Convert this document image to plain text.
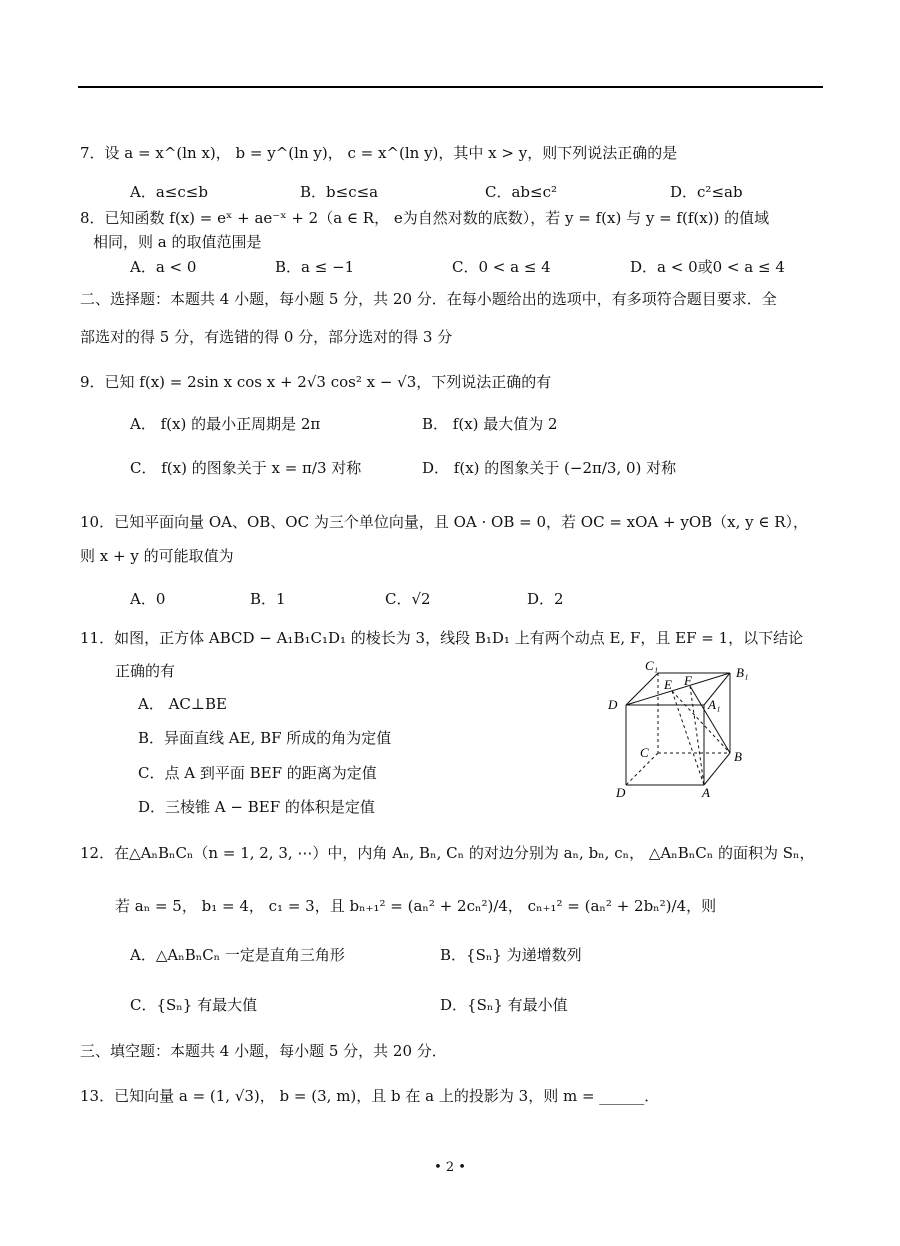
7．设 a = x^(ln x)， b = y^(ln y)， c = x^(ln y)，其中 x > y，则下列说法正确的是
A．a≤c≤b	B．b≤c≤a	C．ab≤c²	D．c²≤ab
8．已知函数 f(x) = eˣ + ae⁻ˣ + 2（a ∈ R， e为自然对数的底数），若 y = f(x) 与 y = f(f(x)) 的值域
相同，则 a 的取值范围是
A．a < 0	B．a ≤ −1	C．0 < a ≤ 4	D．a < 0或0 < a ≤ 4
二、选择题：本题共 4 小题，每小题 5 分，共 20 分．在每小题给出的选项中，有多项符合题目要求．全
部选对的得 5 分，有选错的得 0 分，部分选对的得 3 分
9．已知 f(x) = 2sin x cos x + 2√3 cos² x − √3，下列说法正确的有
A． f(x) 的最小正周期是 2π	B． f(x) 最大值为 2
C． f(x) 的图象关于 x = π/3 对称	D． f(x) 的图象关于 (−2π/3, 0) 对称
10．已知平面向量 OA、OB、OC 为三个单位向量，且 OA · OB = 0，若 OC = xOA + yOB（x, y ∈ R），
则 x + y 的可能取值为
A．0	B．1	C．√2	D．2
11．如图，正方体 ABCD − A₁B₁C₁D₁ 的棱长为 3，线段 B₁D₁ 上有两个动点 E, F，且 EF = 1，以下结论
正确的有
A． AC⊥BE
B．异面直线 AE, BF 所成的角为定值
C．点 A 到平面 BEF 的距离为定值
D．三棱锥 A − BEF 的体积是定值
C₁	B₁
D
E F
A₁
C	B
D	A
12．在△AₙBₙCₙ（n = 1, 2, 3, ⋯）中，内角 Aₙ, Bₙ, Cₙ 的对边分别为 aₙ, bₙ, cₙ， △AₙBₙCₙ 的面积为 Sₙ，
若 aₙ = 5， b₁ = 4， c₁ = 3，且 bₙ₊₁² = (aₙ² + 2cₙ²)/4， cₙ₊₁² = (aₙ² + 2bₙ²)/4，则
A．△AₙBₙCₙ 一定是直角三角形	B．{Sₙ} 为递增数列
C．{Sₙ} 有最大值	D．{Sₙ} 有最小值
三、填空题：本题共 4 小题，每小题 5 分，共 20 分．
13．已知向量 a = (1, √3)， b = (3, m)，且 b 在 a 上的投影为 3，则 m = ______．
• 2 •
